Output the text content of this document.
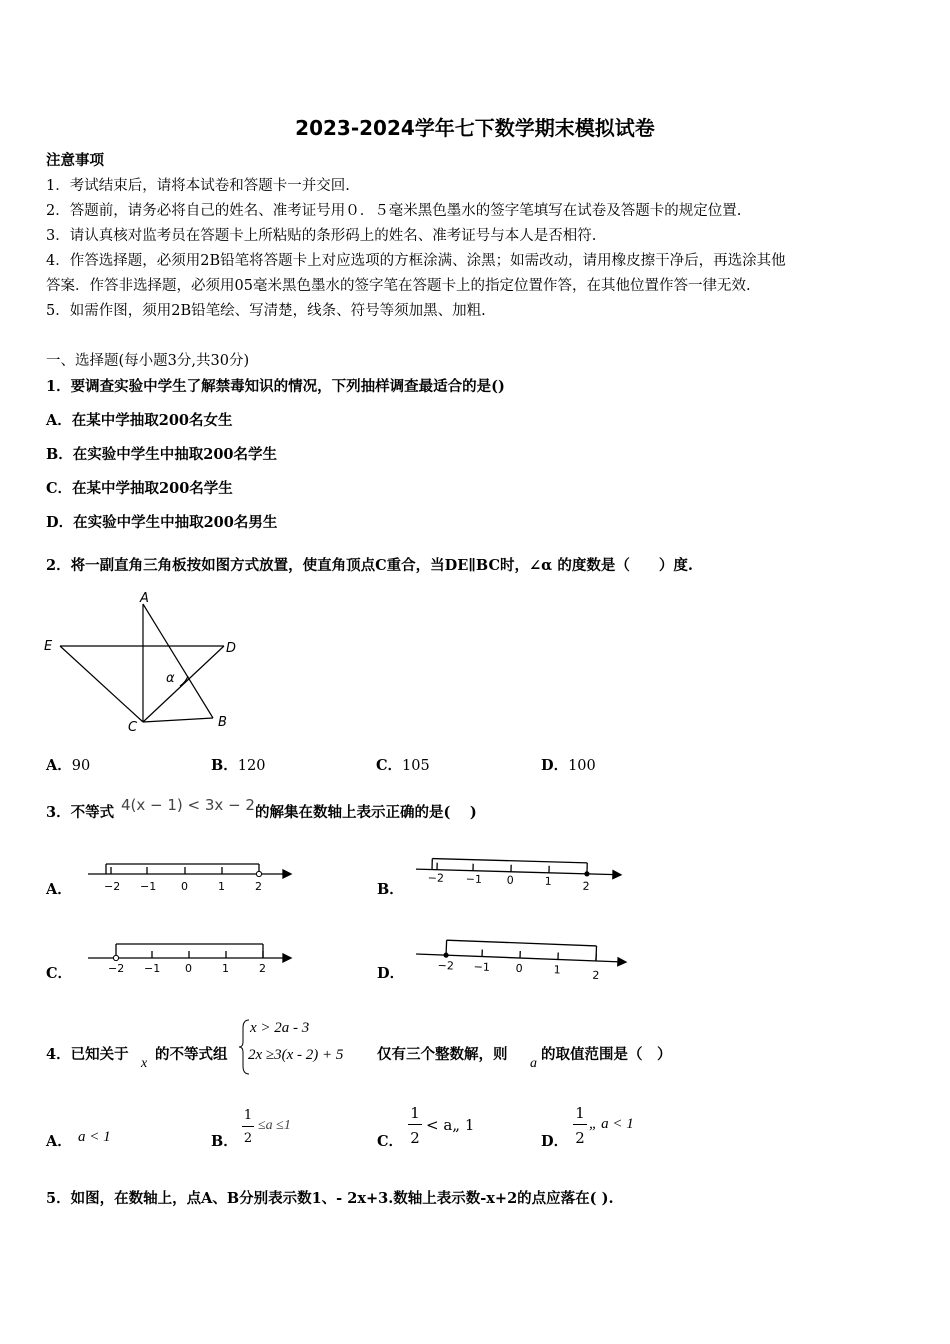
2023-2024学年七下数学期末模拟试卷
注意事项
1．考试结束后，请将本试卷和答题卡一并交回.
2．答题前，请务必将自己的姓名、准考证号用０．５毫米黑色墨水的签字笔填写在试卷及答题卡的规定位置.
3．请认真核对监考员在答题卡上所粘贴的条形码上的姓名、准考证号与本人是否相符.
4．作答选择题，必须用2B铅笔将答题卡上对应选项的方框涂满、涂黑；如需改动，请用橡皮擦干净后，再选涂其他
答案．作答非选择题，必须用05毫米黑色墨水的签字笔在答题卡上的指定位置作答，在其他位置作答一律无效.
5．如需作图，须用2B铅笔绘、写清楚，线条、符号等须加黑、加粗.
一、选择题(每小题3分,共30分)
1．要调查实验中学生了解禁毒知识的情况，下列抽样调查最适合的是()
A．在某中学抽取200名女生
B．在实验中学生中抽取200名学生
C．在某中学抽取200名学生
D．在实验中学生中抽取200名男生
2．将一副直角三角板按如图方式放置，使直角顶点C重合，当DE∥BC时，∠α 的度数是（　　）度.
A
E	D
C	B
α
A．90	B．120	C．105	D．100
3．不等式 4(x − 1) < 3x − 2 的解集在数轴上表示正确的是(　 )
A．	B．
C．	D．
−2 −1 0	1	2
−2 −1 0	1	2
−2 −1 0	1	2	−2 −1 0	1	2
4．已知关于
x
的不等式组
x > 2a - 3
2x ≥3(x - 2) + 5 仅有三个整数解，则
a
的取值范围是（　）
A． a < 1	B．
1
2
≤a ≤1
C．
1
2
< a„ 1
D．
1
2
„ a < 1
5．如图，在数轴上，点A、B分别表示数1、- 2x+3.数轴上表示数-x+2的点应落在( ).
